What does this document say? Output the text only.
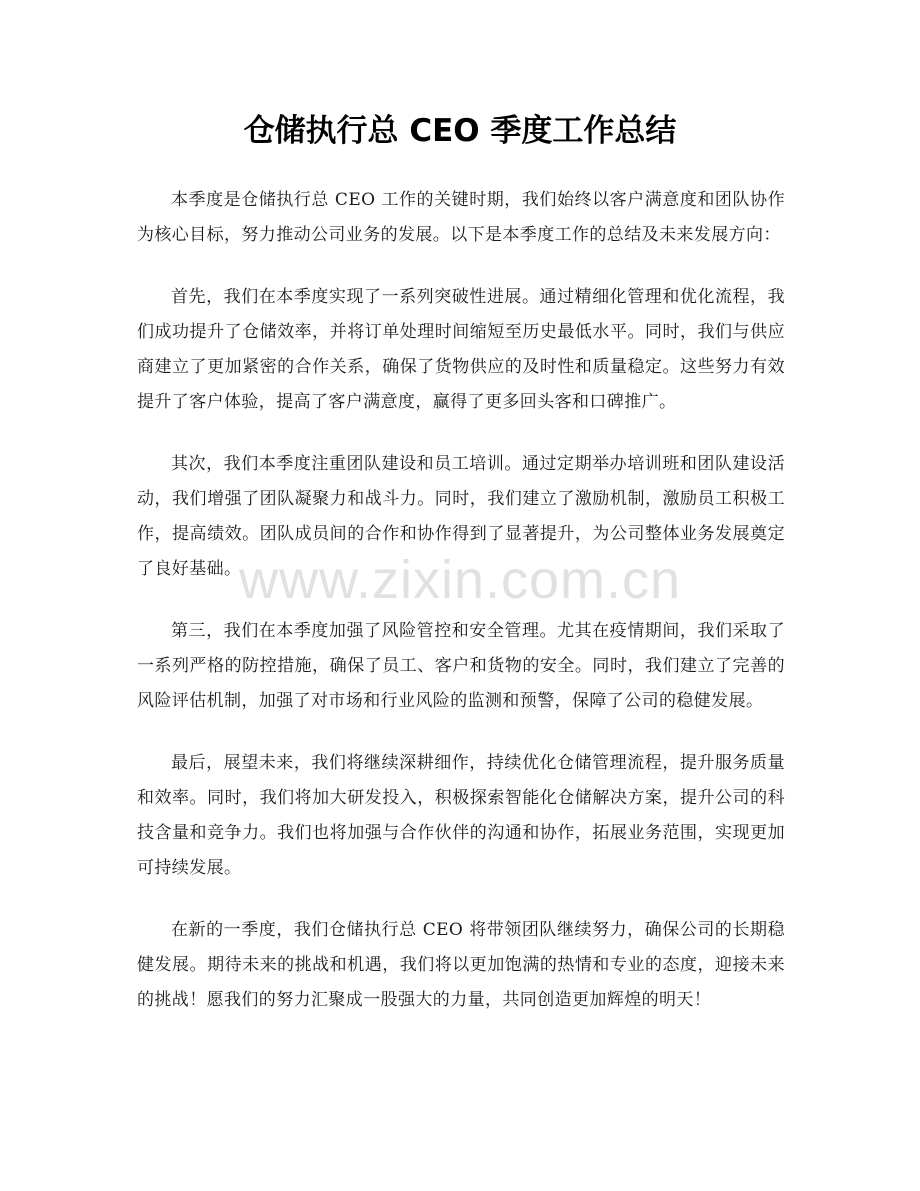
仓储执行总 CEO 季度工作总结

本季度是仓储执行总 CEO 工作的关键时期，我们始终以客户满意度和团队协作为核心目标，努力推动公司业务的发展。以下是本季度工作的总结及未来发展方向：

首先，我们在本季度实现了一系列突破性进展。通过精细化管理和优化流程，我们成功提升了仓储效率，并将订单处理时间缩短至历史最低水平。同时，我们与供应商建立了更加紧密的合作关系，确保了货物供应的及时性和质量稳定。这些努力有效提升了客户体验，提高了客户满意度，赢得了更多回头客和口碑推广。

其次，我们本季度注重团队建设和员工培训。通过定期举办培训班和团队建设活动，我们增强了团队凝聚力和战斗力。同时，我们建立了激励机制，激励员工积极工作，提高绩效。团队成员间的合作和协作得到了显著提升，为公司整体业务发展奠定了良好基础。

第三，我们在本季度加强了风险管控和安全管理。尤其在疫情期间，我们采取了一系列严格的防控措施，确保了员工、客户和货物的安全。同时，我们建立了完善的风险评估机制，加强了对市场和行业风险的监测和预警，保障了公司的稳健发展。

最后，展望未来，我们将继续深耕细作，持续优化仓储管理流程，提升服务质量和效率。同时，我们将加大研发投入，积极探索智能化仓储解决方案，提升公司的科技含量和竞争力。我们也将加强与合作伙伴的沟通和协作，拓展业务范围，实现更加可持续发展。

在新的一季度，我们仓储执行总 CEO 将带领团队继续努力，确保公司的长期稳健发展。期待未来的挑战和机遇，我们将以更加饱满的热情和专业的态度，迎接未来的挑战！愿我们的努力汇聚成一股强大的力量，共同创造更加辉煌的明天！

www.zixin.com.cn
